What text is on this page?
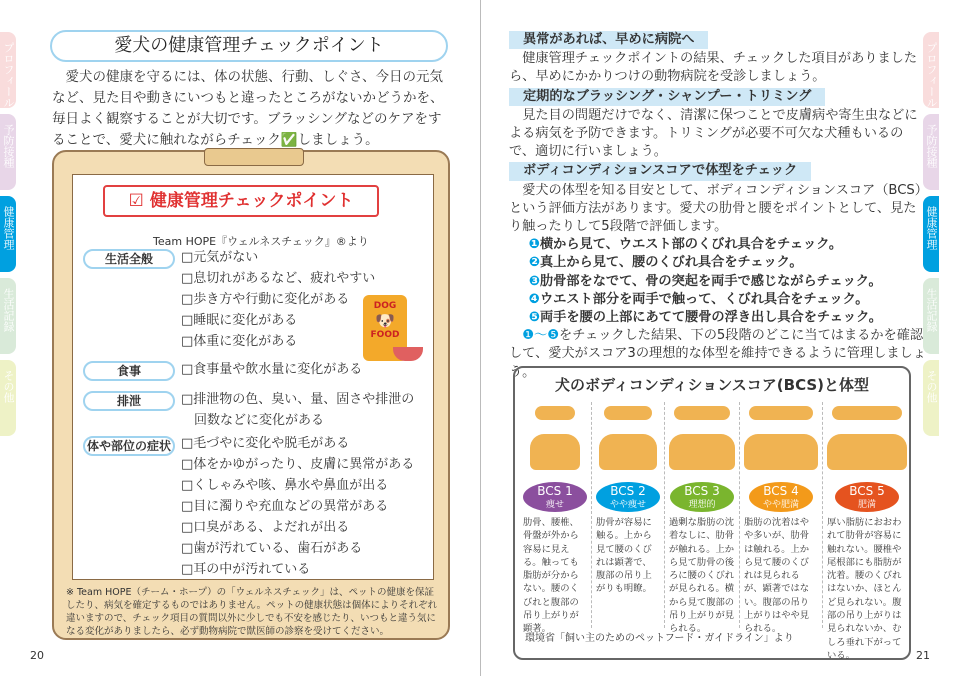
プロフィール
予防接種
健康管理
生活記録
その他
愛犬の健康管理チェックポイント
愛犬の健康を守るには、体の状態、行動、しぐさ、今日の元気など、見た目や動きにいつもと違ったところがないかどうかを、毎日よく観察することが大切です。ブラッシングなどのケアをすることで、愛犬に触れながらチェック✅しましょう。
☑ 健康管理チェックポイント
Team HOPE『ウェルネスチェック』®より
生活全般	□元気がない
□息切れがあるなど、疲れやすい
□歩き方や行動に変化がある
□睡眠に変化がある
□体重に変化がある
DOG
🐶
FOOD
食事	□食事量や飲水量に変化がある
排泄	□排泄物の色、臭い、量、固さや排泄の
　回数などに変化がある
体や部位の症状 □毛づやに変化や脱毛がある
□体をかゆがったり、皮膚に異常がある
□くしゃみや咳、鼻水や鼻血が出る
□目に濁りや充血などの異常がある
□口臭がある、よだれが出る
□歯が汚れている、歯石がある
□耳の中が汚れている
※ Team HOPE（チーム・ホープ）の「ウェルネスチェック」は、ペットの健康を保証したり、病気を確定するものではありません。ペットの健康状態は個体によりそれぞれ違いますので、チェック項目の質問以外に少しでも不安を感じたり、いつもと違う気になる変化がありましたら、必ず動物病院で獣医師の診察を受けてください。
20
プロフィール
予防接種
健康管理
生活記録
その他
異常があれば、早めに病院へ

健康管理チェックポイントの結果、チェックした項目がありましたら、早めにかかりつけの動物病院を受診しましょう。

定期的なブラッシング・シャンプー・トリミング

見た目の問題だけでなく、清潔に保つことで皮膚病や寄生虫などによる病気を予防できます。トリミングが必要不可欠な犬種もいるので、適切に行いましょう。

ボディコンディションスコアで体型をチェック

愛犬の体型を知る目安として、ボディコンディションスコア（BCS）という評価方法があります。愛犬の肋骨と腰をポイントとして、見たり触ったりして5段階で評価します。

❶横から見て、ウエスト部のくびれ具合をチェック。
❷真上から見て、腰のくびれ具合をチェック。
❸肋骨部をなでて、骨の突起を両手で感じながらチェック。
❹ウエスト部分を両手で触って、くびれ具合をチェック。
❺両手を腰の上部にあてて腰骨の浮き出し具合をチェック。

❶〜❺をチェックした結果、下の5段階のどこに当てはまるかを確認して、愛犬がスコア3の理想的な体型を維持できるように管理しましょう。

犬のボディコンディションスコア(BCS)と体型
BCS 1
痩せ
肋骨、腰椎、骨盤が外から容易に見える。触っても脂肪が分からない。腰のくびれと腹部の吊り上がりが顕著。
BCS 2
やや痩せ
肋骨が容易に触る。上から見て腰のくびれは顕著で、腹部の吊り上がりも明瞭。
BCS 3
理想的
過剰な脂肪の沈着なしに、肋骨が触れる。上から見て肋骨の後ろに腰のくびれが見られる。横から見て腹部の吊り上がりが見られる。
BCS 4
やや肥満
脂肪の沈着はやや多いが、肋骨は触れる。上から見て腰のくびれは見られるが、顕著ではない。腹部の吊り上がりはやや見られる。
BCS 5
肥満
厚い脂肪におおわれて肋骨が容易に触れない。腰椎や尾根部にも脂肪が沈着。腰のくびれはないか、ほとんど見られない。腹部の吊り上がりは見られないか、むしろ垂れ下がっている。
環境省「飼い主のためのペットフード・ガイドライン」より
21
